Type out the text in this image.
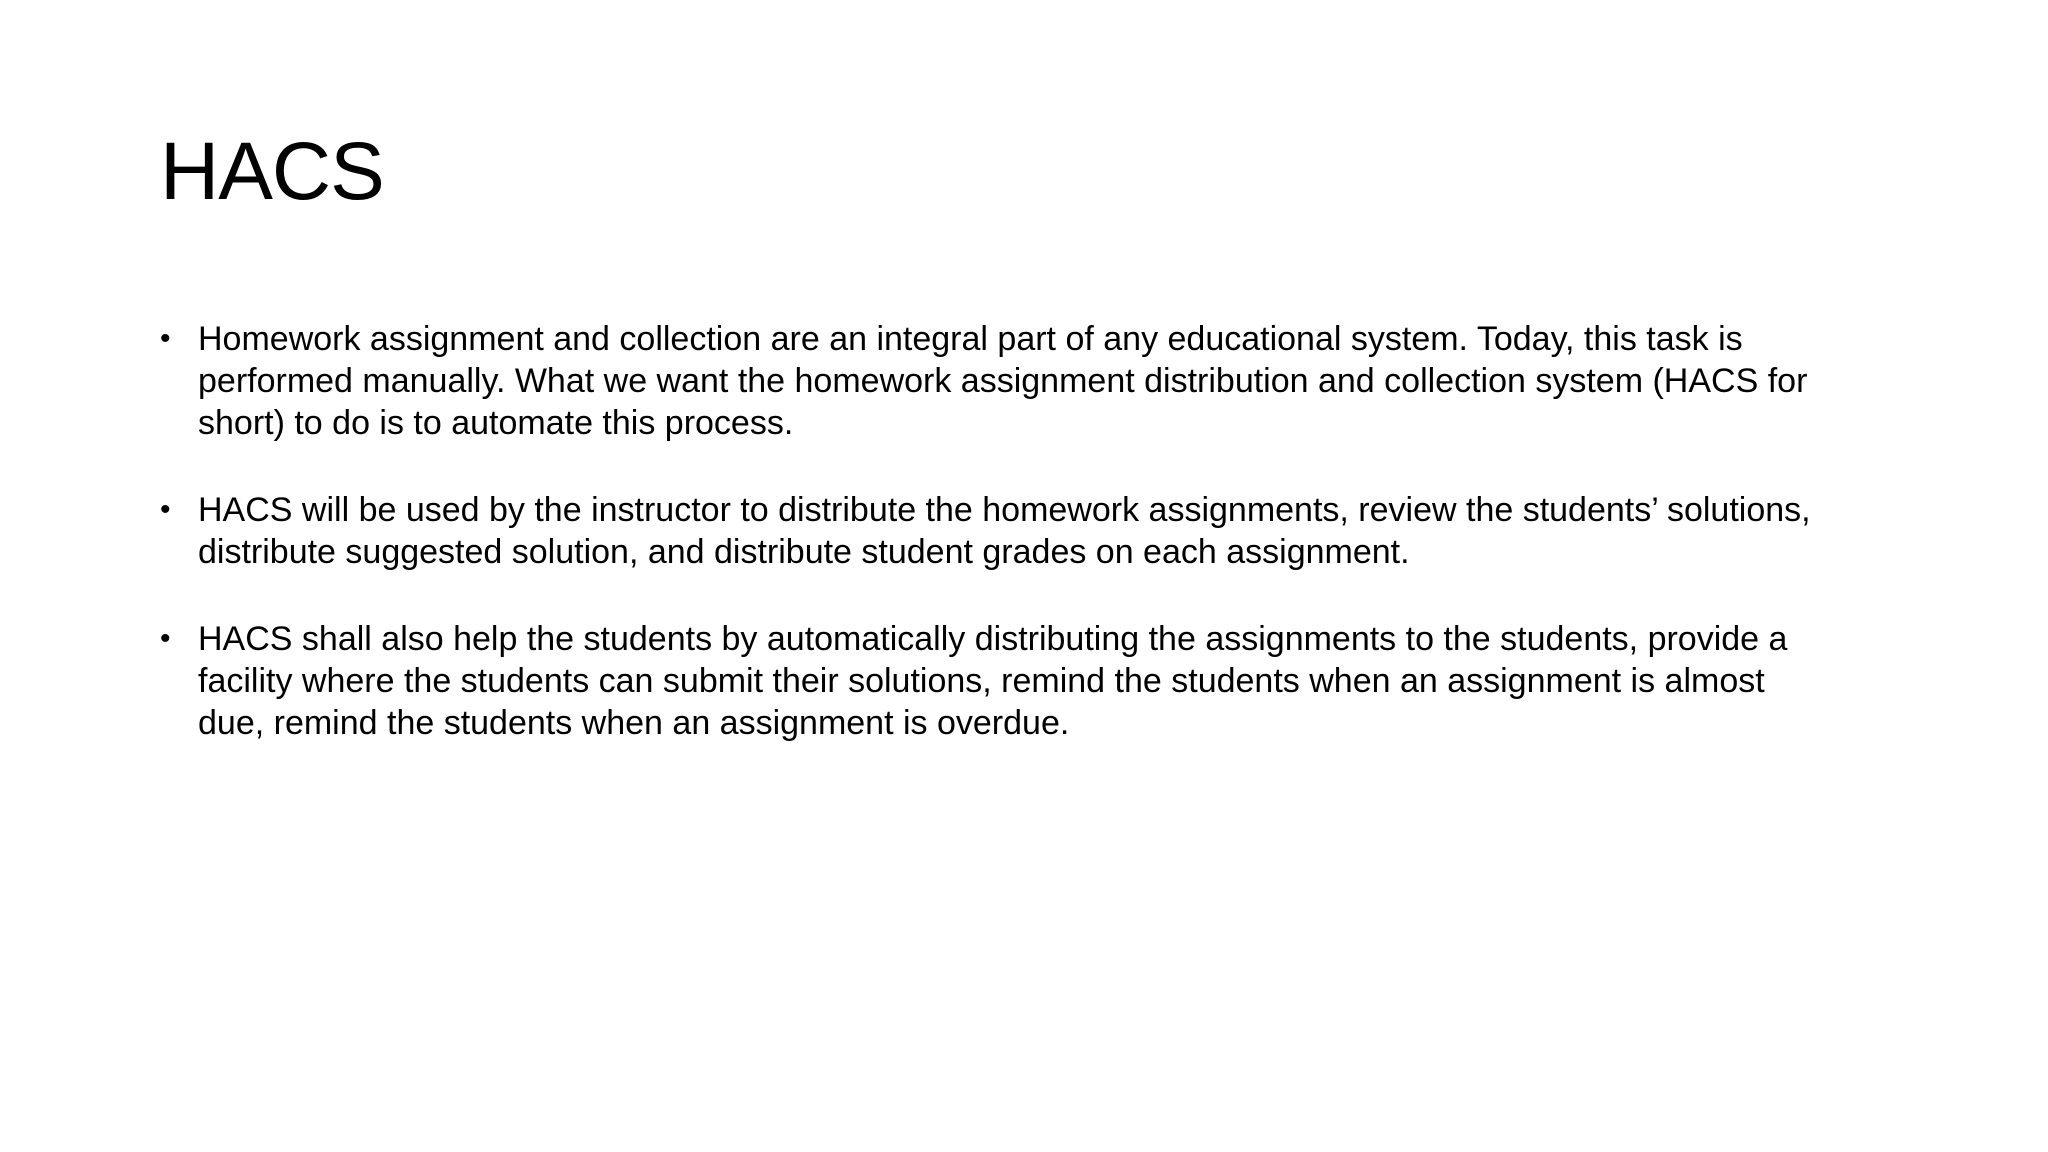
HACS
• Homework assignment and collection are an integral part of any educational system. Today, this task is
performed manually. What we want the homework assignment distribution and collection system (HACS for
short) to do is to automate this process.
• HACS will be used by the instructor to distribute the homework assignments, review the students’ solutions,
distribute suggested solution, and distribute student grades on each assignment.
• HACS shall also help the students by automatically distributing the assignments to the students, provide a
facility where the students can submit their solutions, remind the students when an assignment is almost
due, remind the students when an assignment is overdue.
